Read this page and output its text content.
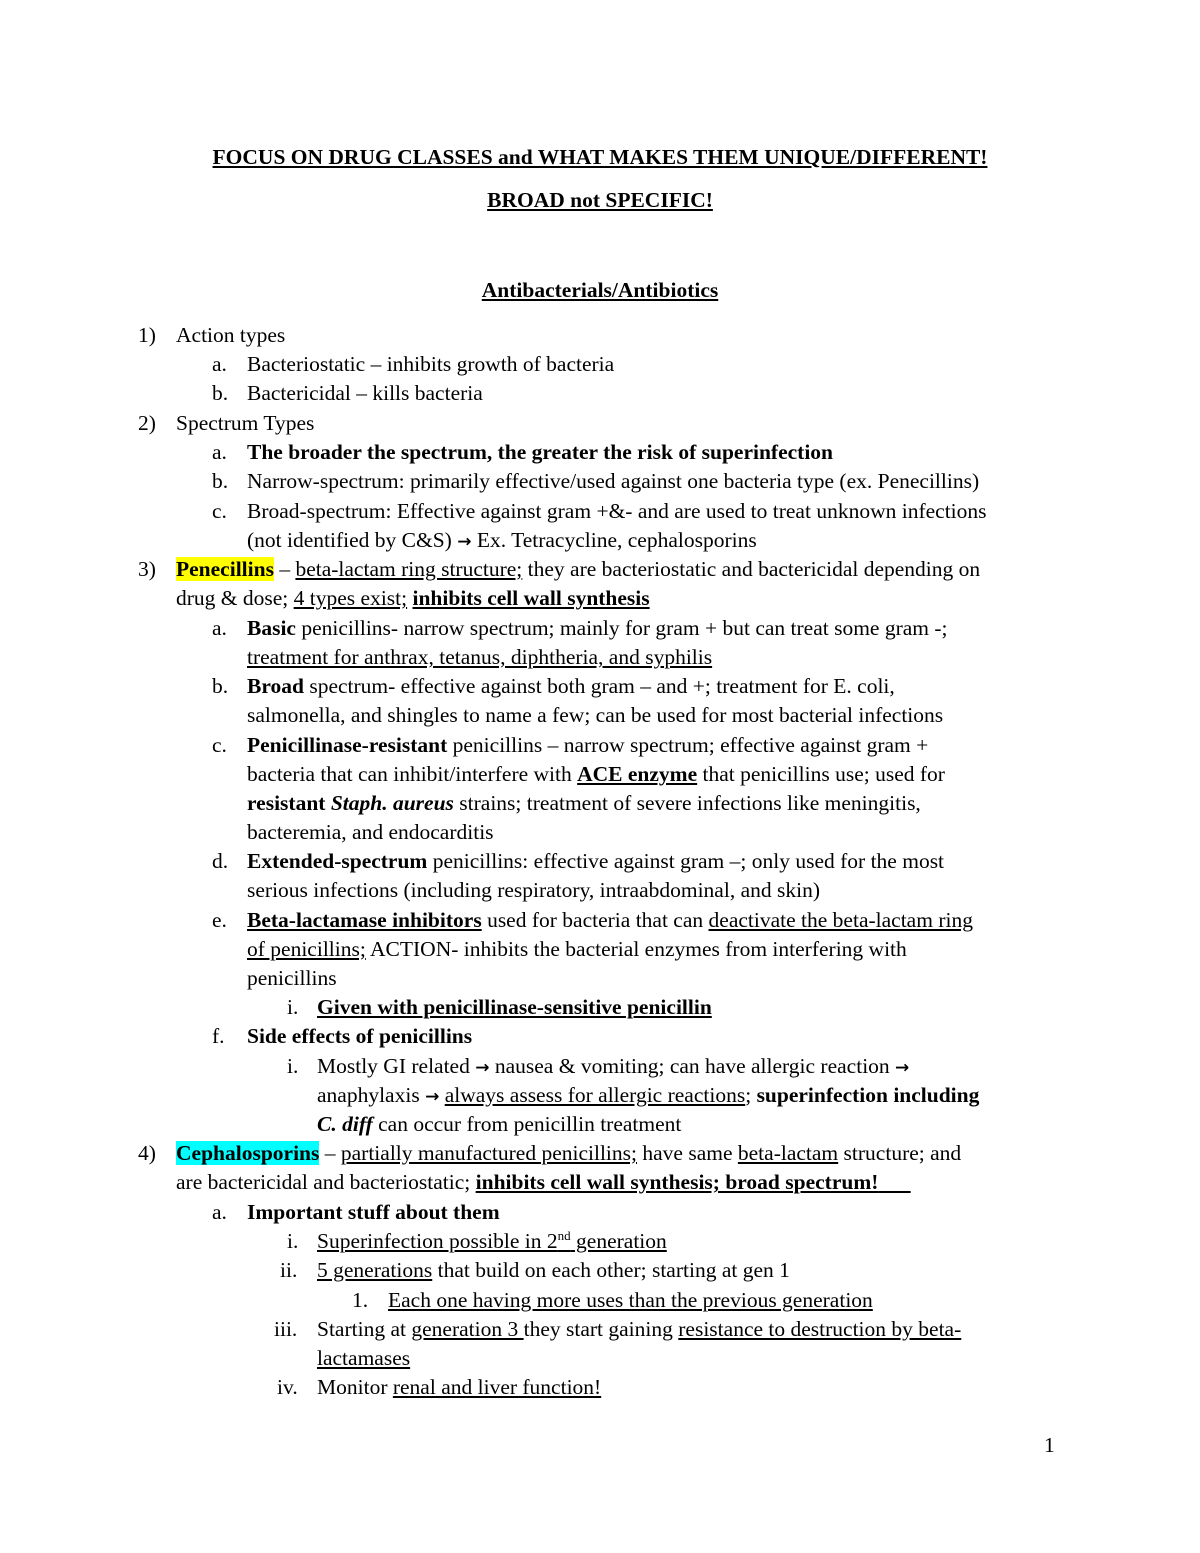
FOCUS ON DRUG CLASSES and WHAT MAKES THEM UNIQUE/DIFFERENT!
BROAD not SPECIFIC!
Antibacterials/Antibiotics
1) Action types
a. Bacteriostatic – inhibits growth of bacteria
b. Bactericidal – kills bacteria
2) Spectrum Types
a. The broader the spectrum, the greater the risk of superinfection
b. Narrow-spectrum: primarily effective/used against one bacteria type (ex. Penecillins)
c. Broad-spectrum: Effective against gram +&- and are used to treat unknown infections
(not identified by C&S) → Ex. Tetracycline, cephalosporins
3) Penecillins – beta-lactam ring structure; they are bacteriostatic and bactericidal depending on
drug & dose; 4 types exist; inhibits cell wall synthesis
a. Basic penicillins- narrow spectrum; mainly for gram + but can treat some gram -;
treatment for anthrax, tetanus, diphtheria, and syphilis
b. Broad spectrum- effective against both gram – and +; treatment for E. coli,
salmonella, and shingles to name a few; can be used for most bacterial infections
c. Penicillinase-resistant penicillins – narrow spectrum; effective against gram +
bacteria that can inhibit/interfere with ACE enzyme that penicillins use; used for
resistant Staph. aureus strains; treatment of severe infections like meningitis,
bacteremia, and endocarditis
d. Extended-spectrum penicillins: effective against gram –; only used for the most
serious infections (including respiratory, intraabdominal, and skin)
e. Beta-lactamase inhibitors used for bacteria that can deactivate the beta-lactam ring
of penicillins; ACTION- inhibits the bacterial enzymes from interfering with
penicillins
i. Given with penicillinase-sensitive penicillin
f. Side effects of penicillins
i. Mostly GI related → nausea & vomiting; can have allergic reaction →
anaphylaxis → always assess for allergic reactions; superinfection including
C. diff can occur from penicillin treatment
4) Cephalosporins – partially manufactured penicillins; have same beta-lactam structure; and
are bactericidal and bacteriostatic; inhibits cell wall synthesis; broad spectrum!
a. Important stuff about them
i. Superinfection possible in 2nd generation
ii. 5 generations that build on each other; starting at gen 1
1. Each one having more uses than the previous generation
iii. Starting at generation 3 they start gaining resistance to destruction by beta-
lactamases
iv. Monitor renal and liver function!
1
